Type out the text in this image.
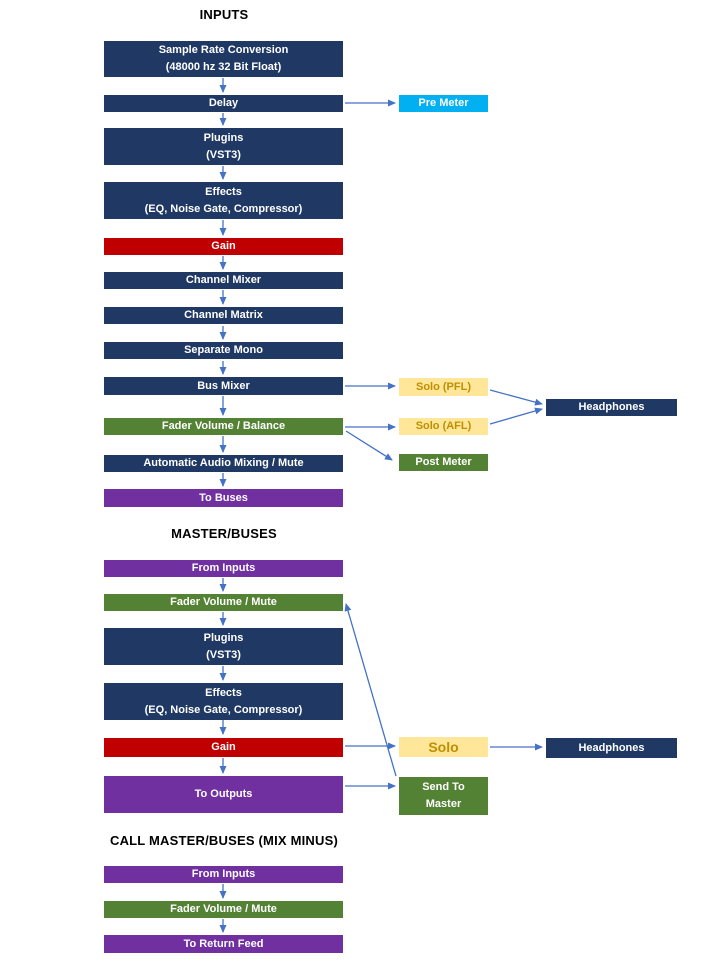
INPUTS
Sample Rate Conversion
(48000 hz 32 Bit Float)
Delay	Pre Meter
Plugins
(VST3)
Effects
(EQ, Noise Gate, Compressor)
Gain
Channel Mixer
Channel Matrix
Separate Mono
Bus Mixer	Solo (PFL)
Headphones
Fader Volume / Balance	Solo (AFL)
Post Meter
Automatic Audio Mixing / Mute
To Buses
MASTER/BUSES
From Inputs
Fader Volume / Mute
Plugins
(VST3)
Effects
(EQ, Noise Gate, Compressor)
Gain	Solo	Headphones
To Outputs
Send To
Master
CALL MASTER/BUSES (MIX MINUS)
From Inputs
Fader Volume / Mute
To Return Feed
